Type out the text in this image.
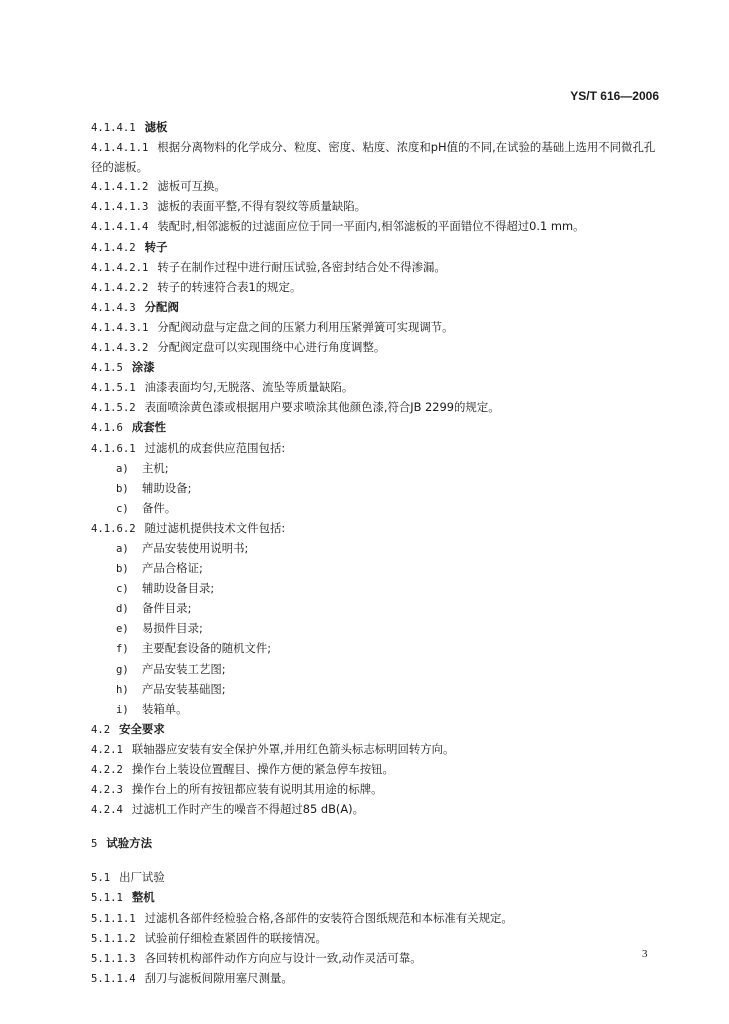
YS/T 616—2006
4.1.4.1 滤板
4.1.4.1.1 根据分离物料的化学成分、粒度、密度、粘度、浓度和pH值的不同,在试验的基础上选用不同微孔孔径的滤板。
4.1.4.1.2 滤板可互换。
4.1.4.1.3 滤板的表面平整,不得有裂纹等质量缺陷。
4.1.4.1.4 装配时,相邻滤板的过滤面应位于同一平面内,相邻滤板的平面错位不得超过0.1 mm。
4.1.4.2 转子
4.1.4.2.1 转子在制作过程中进行耐压试验,各密封结合处不得渗漏。
4.1.4.2.2 转子的转速符合表1的规定。
4.1.4.3 分配阀
4.1.4.3.1 分配阀动盘与定盘之间的压紧力利用压紧弹簧可实现调节。
4.1.4.3.2 分配阀定盘可以实现围绕中心进行角度调整。
4.1.5 涂漆
4.1.5.1 油漆表面均匀,无脱落、流坠等质量缺陷。
4.1.5.2 表面喷涂黄色漆或根据用户要求喷涂其他颜色漆,符合JB 2299的规定。
4.1.6 成套性
4.1.6.1 过滤机的成套供应范围包括:
a) 主机;
b) 辅助设备;
c) 备件。
4.1.6.2 随过滤机提供技术文件包括:
a) 产品安装使用说明书;
b) 产品合格证;
c) 辅助设备目录;
d) 备件目录;
e) 易损件目录;
f) 主要配套设备的随机文件;
g) 产品安装工艺图;
h) 产品安装基础图;
i) 装箱单。
4.2 安全要求
4.2.1 联轴器应安装有安全保护外罩,并用红色箭头标志标明回转方向。
4.2.2 操作台上装设位置醒目、操作方便的紧急停车按钮。
4.2.3 操作台上的所有按钮都应装有说明其用途的标牌。
4.2.4 过滤机工作时产生的噪音不得超过85 dB(A)。
5 试验方法
5.1 出厂试验
5.1.1 整机
5.1.1.1 过滤机各部件经检验合格,各部件的安装符合图纸规范和本标准有关规定。
5.1.1.2 试验前仔细检查紧固件的联接情况。
5.1.1.3 各回转机构部件动作方向应与设计一致,动作灵活可靠。
5.1.1.4 刮刀与滤板间隙用塞尺测量。
3
